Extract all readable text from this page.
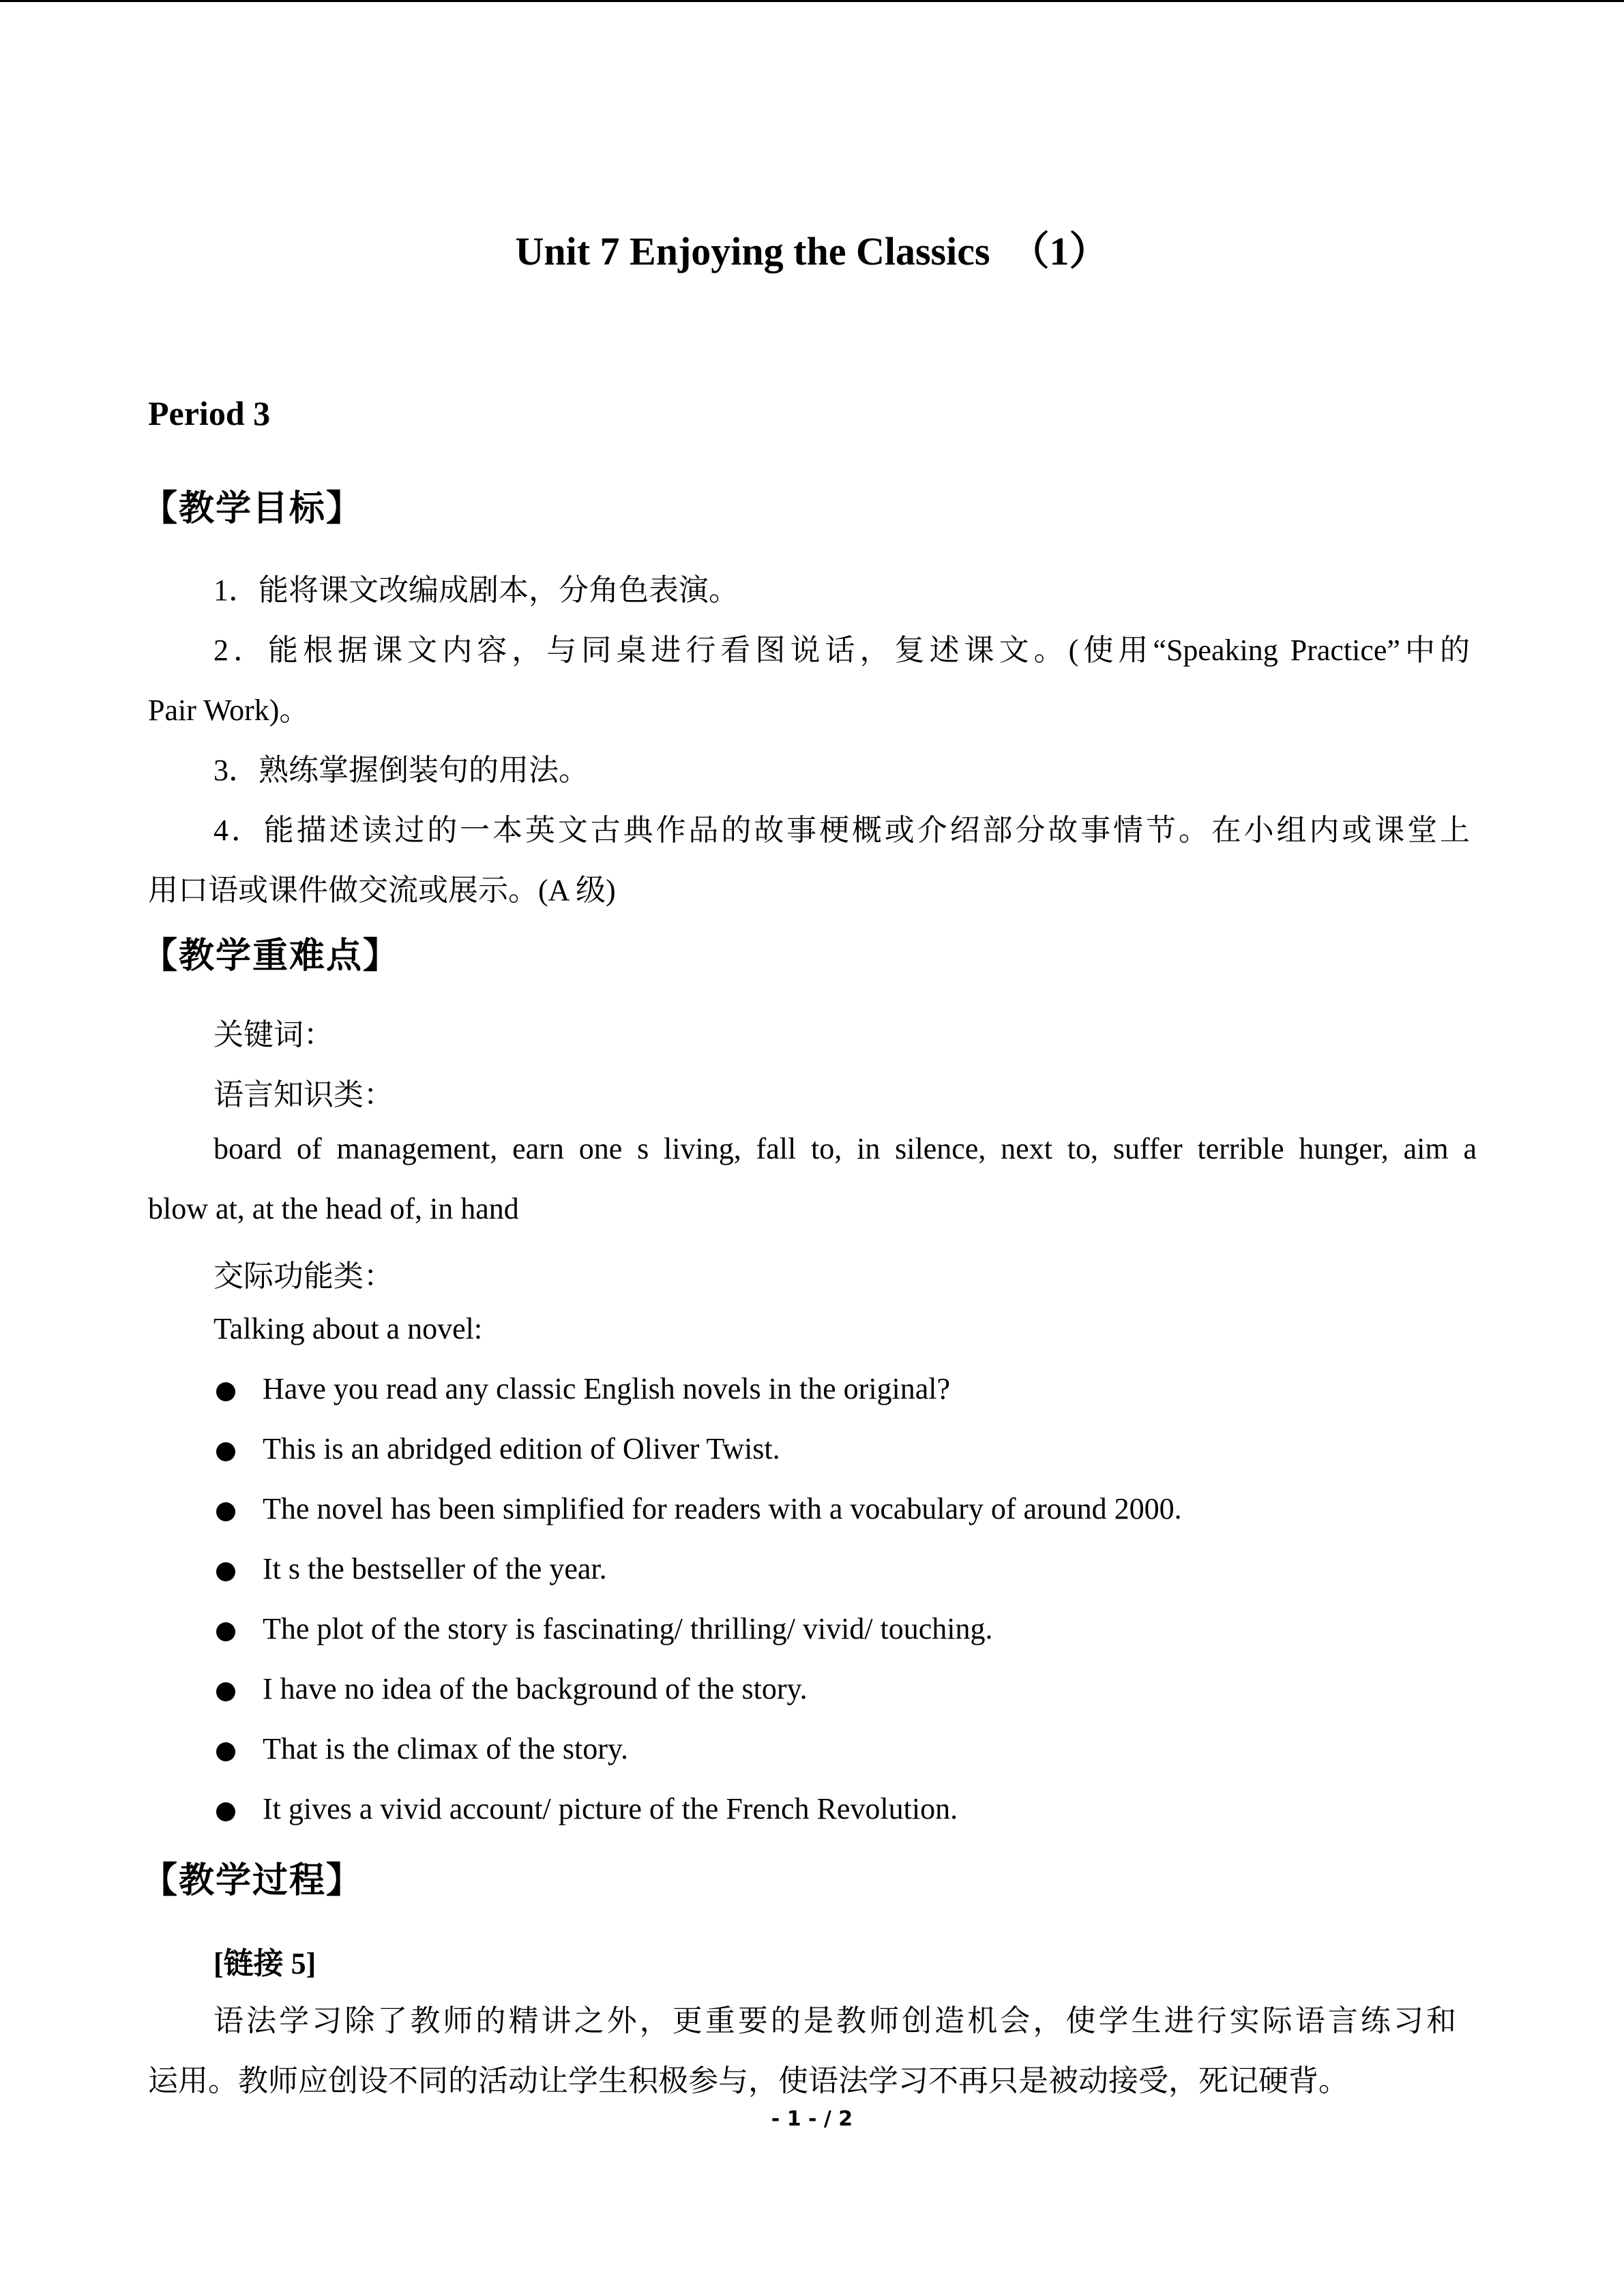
Unit 7 Enjoying the Classics　（1）
Period 3
【教学目标】
1．能将课文改编成剧本，分角色表演。
2．能根据课文内容，与同桌进行看图说话，复述课文。(使用“Speaking Practice”中的
Pair Work)。
3．熟练掌握倒装句的用法。
4．能描述读过的一本英文古典作品的故事梗概或介绍部分故事情节。在小组内或课堂上
用口语或课件做交流或展示。(A 级)
【教学重难点】
关键词：
语言知识类：
board of management, earn one s living, fall to, in silence, next to, suffer terrible hunger, aim a
blow at, at the head of, in hand
交际功能类：
Talking about a novel:
Have you read any classic English novels in the original?
This is an abridged edition of Oliver Twist.
The novel has been simplified for readers with a vocabulary of around 2000.
It s the bestseller of the year.
The plot of the story is fascinating/ thrilling/ vivid/ touching.
I have no idea of the background of the story.
That is the climax of the story.
It gives a vivid account/ picture of the French Revolution.
【教学过程】
[链接 5]
语法学习除了教师的精讲之外，更重要的是教师创造机会，使学生进行实际语言练习和
运用。教师应创设不同的活动让学生积极参与，使语法学习不再只是被动接受，死记硬背。
- 1 - / 2
